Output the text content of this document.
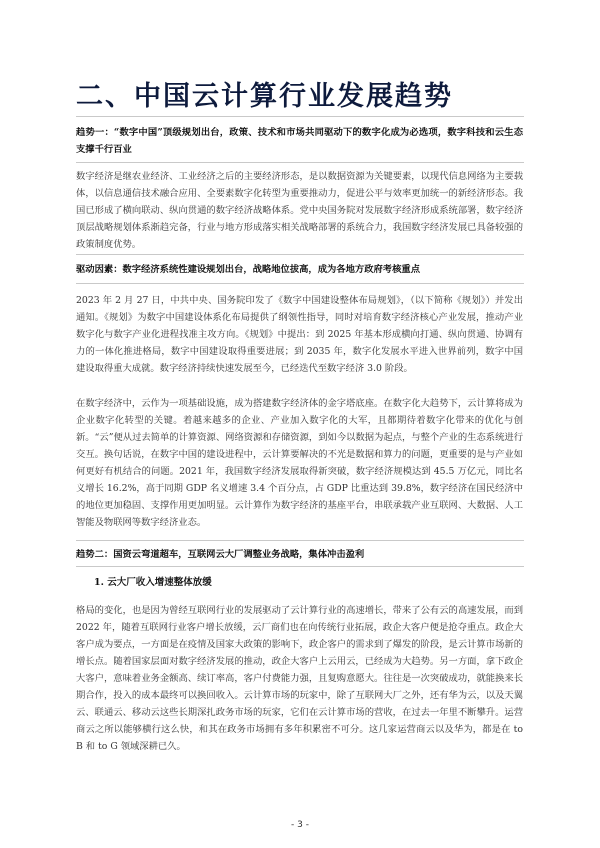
二、中国云计算行业发展趋势
趋势一：“数字中国”顶级规划出台，政策、技术和市场共同驱动下的数字化成为必选项，数字科技和云生态支撑千行百业
数字经济是继农业经济、工业经济之后的主要经济形态，是以数据资源为关键要素，以现代信息网络为主要载体，以信息通信技术融合应用、全要素数字化转型为重要推动力，促进公平与效率更加统一的新经济形态。我国已形成了横向联动、纵向贯通的数字经济战略体系。党中央国务院对发展数字经济形成系统部署，数字经济顶层战略规划体系渐趋完备，行业与地方形成落实相关战略部署的系统合力，我国数字经济发展已具备较强的政策制度优势。
驱动因素：数字经济系统性建设规划出台，战略地位拔高，成为各地方政府考核重点
2023 年 2 月 27 日，中共中央、国务院印发了《数字中国建设整体布局规划》，（以下简称《规划》）并发出通知。《规划》为数字中国建设体系化布局提供了纲领性指导，同时对培育数字经济核心产业发展，推动产业数字化与数字产业化进程找准主攻方向。《规划》中提出：到 2025 年基本形成横向打通、纵向贯通、协调有力的一体化推进格局，数字中国建设取得重要进展；到 2035 年，数字化发展水平进入世界前列，数字中国建设取得重大成就。数字经济持续快速发展至今，已经迭代至数字经济 3.0 阶段。
在数字经济中，云作为一项基础设施，成为搭建数字经济体的金字塔底座。在数字化大趋势下，云计算将成为企业数字化转型的关键。着越来越多的企业、产业加入数字化的大军，且都期待着数字化带来的优化与创新。“云”便从过去简单的计算资源、网络资源和存储资源，到如今以数据为起点，与整个产业的生态系统进行交互。换句话说，在数字中国的建设进程中，云计算要解决的不光是数据和算力的问题，更重要的是与产业如何更好有机结合的问题。2021 年，我国数字经济发展取得新突破，数字经济规模达到 45.5 万亿元，同比名义增长 16.2%，高于同期 GDP 名义增速 3.4 个百分点，占 GDP 比重达到 39.8%，数字经济在国民经济中的地位更加稳固、支撑作用更加明显。云计算作为数字经济的基座平台，串联承载产业互联网、大数据、人工智能及物联网等数字经济业态。
趋势二：国资云弯道超车，互联网云大厂调整业务战略，集体冲击盈利
1. 云大厂收入增速整体放缓
格局的变化，也是因为曾经互联网行业的发展驱动了云计算行业的高速增长，带来了公有云的高速发展，而到 2022 年，随着互联网行业客户增长放缓，云厂商们也在向传统行业拓展，政企大客户便是抢夺重点。政企大客户成为要点，一方面是在疫情及国家大政策的影响下，政企客户的需求到了爆发的阶段，是云计算市场新的增长点。随着国家层面对数字经济发展的推动，政企大客户上云用云，已经成为大趋势。另一方面，拿下政企大客户，意味着业务金额高、续订率高，客户付费能力强，且复购意愿大。往往是一次突破成功，就能换来长期合作，投入的成本最终可以换回收入。云计算市场的玩家中，除了互联网大厂之外，还有华为云，以及天翼云、联通云、移动云这些长期深扎政务市场的玩家，它们在云计算市场的营收，在过去一年里不断攀升。运营商云之所以能够横行这么快，和其在政务市场拥有多年积累密不可分。这几家运营商云以及华为，都是在 to B 和 to G 领域深耕已久。
- 3 -
